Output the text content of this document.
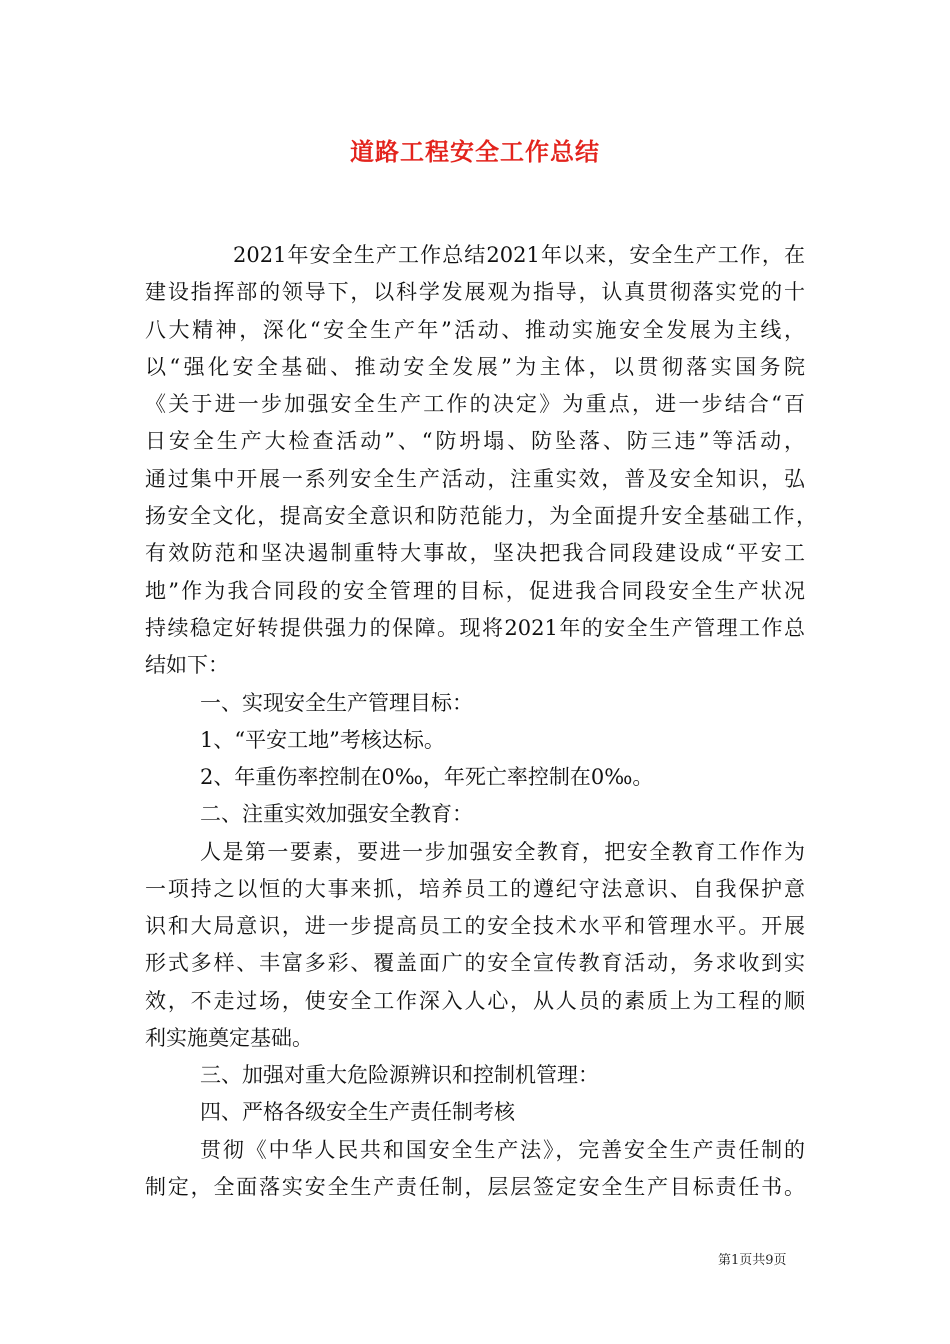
道路工程安全工作总结
2021年安全生产工作总结2021年以来，安全生产工作，在
建设指挥部的领导下，以科学发展观为指导，认真贯彻落实党的十
八大精神，深化“安全生产年”活动、推动实施安全发展为主线，
以“强化安全基础、推动安全发展”为主体，以贯彻落实国务院
《关于进一步加强安全生产工作的决定》为重点，进一步结合“百
日安全生产大检查活动”、“防坍塌、防坠落、防三违”等活动，
通过集中开展一系列安全生产活动，注重实效，普及安全知识，弘
扬安全文化，提高安全意识和防范能力，为全面提升安全基础工作，
有效防范和坚决遏制重特大事故，坚决把我合同段建设成“平安工
地”作为我合同段的安全管理的目标，促进我合同段安全生产状况
持续稳定好转提供强力的保障。现将2021年的安全生产管理工作总
结如下：
一、实现安全生产管理目标：
1、“平安工地”考核达标。
2、年重伤率控制在0‰，年死亡率控制在0‰。
二、注重实效加强安全教育：
人是第一要素，要进一步加强安全教育，把安全教育工作作为
一项持之以恒的大事来抓，培养员工的遵纪守法意识、自我保护意
识和大局意识，进一步提高员工的安全技术水平和管理水平。开展
形式多样、丰富多彩、覆盖面广的安全宣传教育活动，务求收到实
效，不走过场，使安全工作深入人心，从人员的素质上为工程的顺
利实施奠定基础。
三、加强对重大危险源辨识和控制机管理：
四、严格各级安全生产责任制考核
贯彻《中华人民共和国安全生产法》，完善安全生产责任制的
制定，全面落实安全生产责任制，层层签定安全生产目标责任书。
第1页共9页
